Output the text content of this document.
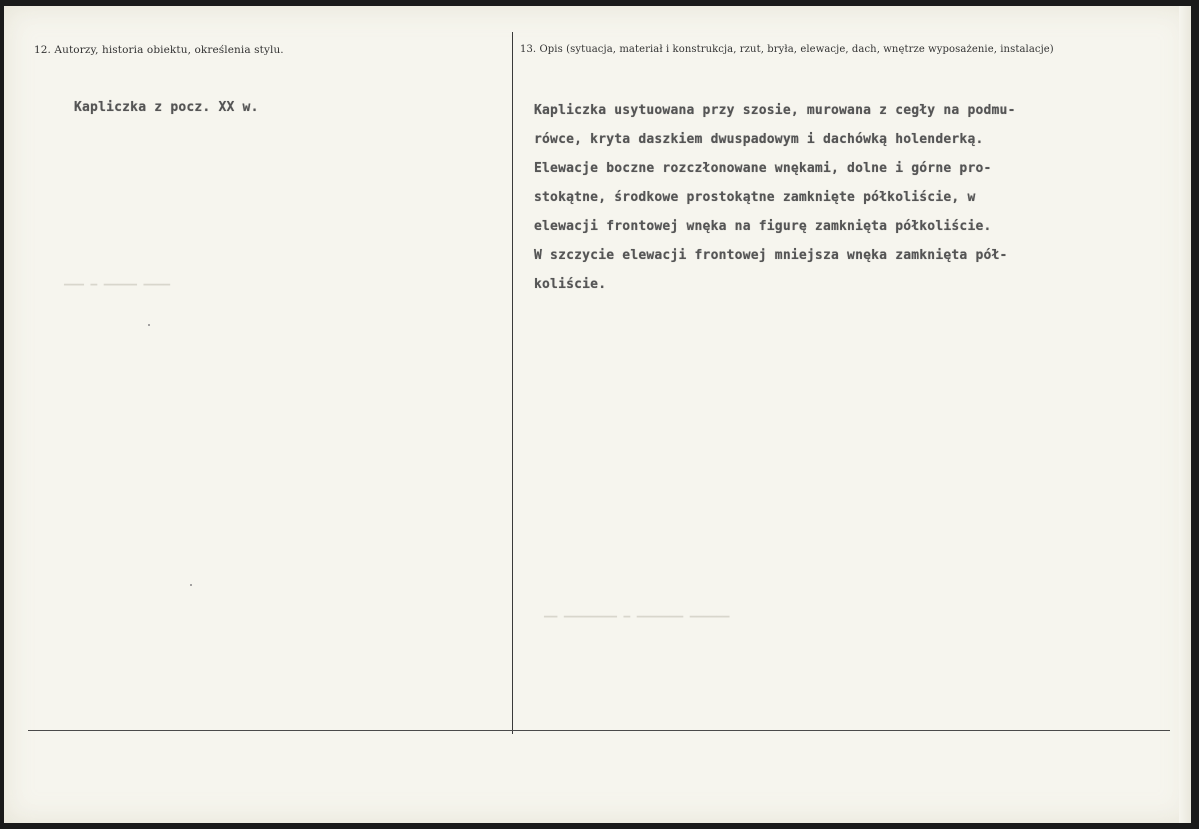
▔▔▔ ▔ ▔▔▔▔▔ ▔▔▔▔
▔▔ ▔▔▔▔▔▔▔▔ ▔ ▔▔▔▔▔▔▔ ▔▔▔▔▔▔
12. Autorzy, historia obiektu, określenia stylu.	13. Opis (sytuacja, materiał i konstrukcja, rzut, bryła, elewacje, dach, wnętrze wyposażenie, instalacje)
Kapliczka z pocz. XX w.	Kapliczka usytuowana przy szosie, murowana z cegły na podmu-
rówce, kryta daszkiem dwuspadowym i dachówką holenderką.
Elewacje boczne rozczłonowane wnękami, dolne i górne pro-
stokątne, środkowe prostokątne zamknięte półkoliście, w
elewacji frontowej wnęka na figurę zamknięta półkoliście.
W szczycie elewacji frontowej mniejsza wnęka zamknięta pół-
koliście.
